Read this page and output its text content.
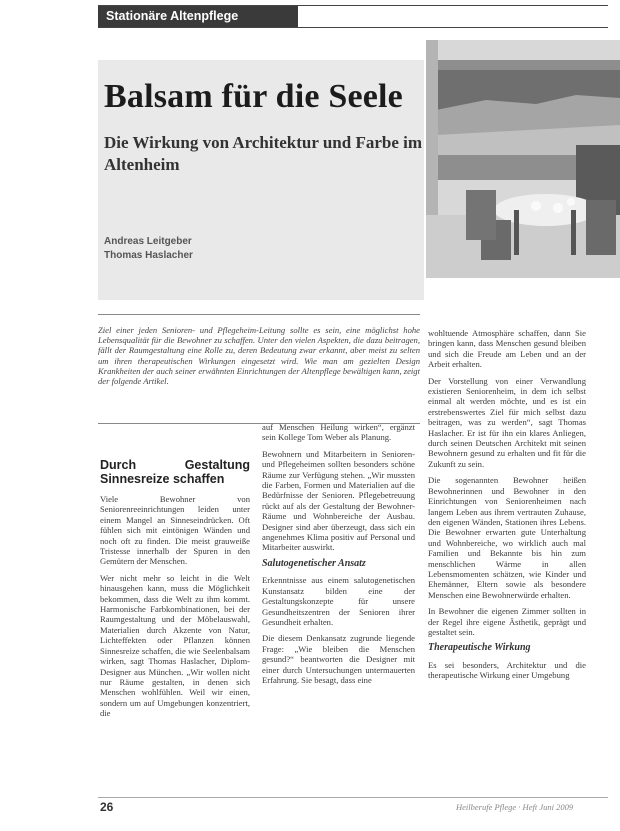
Stationäre Altenpflege
Balsam für die Seele
Die Wirkung von Architektur und Farbe im Altenheim
Andreas Leitgeber
Thomas Haslacher
Ziel einer jeden Senioren- und Pflegeheim-Leitung sollte es sein, eine möglichst hohe Lebensqualität für die Bewohner zu schaffen. Unter den vielen Aspekten, die dazu beitragen, fällt der Raumgestaltung eine Rolle zu, deren Bedeutung zwar erkannt, aber meist zu selten um ihren therapeutischen Wirkungen eingesetzt wird. Wie man am gezielten Design Krankheiten der auch seiner erwähnten Einrichtungen der Altenpflege bewältigen kann, zeigt der folgende Artikel.
Durch Gestaltung Sinnesreize schaffen

Viele Bewohner von Seniorenreeinrichtungen leiden unter einem Mangel an Sinneseindrücken. Oft fühlen sich mit eintönigen Wänden und noch oft zu finden. Die meist grauweiße Tristesse innerhalb der Spuren in den Gemütern der Menschen.

Wer nicht mehr so leicht in die Welt hinausgehen kann, muss die Möglichkeit bekommen, dass die Welt zu ihm kommt. Harmonische Farbkombinationen, bei der Raumgestaltung und der Möbelauswahl, Materialien durch Akzente von Natur, Lichteffekten oder Pflanzen können Sinnesreize schaffen, die wie Seelenbalsam wirken, sagt Thomas Haslacher, Diplom-Designer aus München. „Wir wollen nicht nur Räume gestalten, in denen sich Menschen wohlfühlen. Weil wir einen, sondern um auf Umgebungen konzentriert, die

auf Menschen Heilung wirken“, ergänzt sein Kollege Tom Weber als Planung.

Bewohnern und Mitarbeitern in Senioren- und Pflegeheimen sollten besonders schöne Räume zur Verfügung stehen. „Wir mussten die Farben, Formen und Materialien auf die Bedürfnisse der Senioren. Pflegebetreuung rückt auf als der Gestaltung der Bewohner-Räume und Wohnbereiche der Ausbau. Designer sind aber überzeugt, dass sich ein angenehmes Klima positiv auf Personal und Mitarbeiter auswirkt.

Salutogenetischer Ansatz

Erkenntnisse aus einem salutogenetischen Kunstansatz bilden eine der Gestaltungskonzepte für unsere Gesundheitszentren der Senioren ihrer Gesundheit erhalten.

Die diesem Denkansatz zugrunde liegende Frage: „Wie bleiben die Menschen gesund?“ beantworten die Designer mit einer durch Untersuchungen untermauerten Erfahrung. Sie besagt, dass eine

wohltuende Atmosphäre schaffen, dann Sie bringen kann, dass Menschen gesund bleiben und sich die Freude am Leben und an der Arbeit erhalten.

Der Vorstellung von einer Verwandlung existieren Seniorenheim, in dem ich selbst einmal alt werden möchte, und es ist ein erstrebenswertes Ziel für mich selbst dazu beitragen, was zu werden“, sagt Thomas Haslacher. Er ist für ihn ein klares Anliegen, durch seinen Deutschen Architekt mit seinen Bewohnern gesund zu erhalten und fit für die Zukunft zu sein.

Die sogenannten Bewohner heißen Bewohnerinnen und Bewohner in den Einrichtungen von Seniorenheimen nach langem Leben aus ihrem vertrauten Zuhause, den eigenen Wänden, Stationen ihres Lebens. Die Bewohner erwarten gute Unterhaltung und Wohnbereiche, wo wirklich auch mal Familien und Bekannte bis hin zum menschlichen Wärme in allen Lebensmomenten schätzen, wie Kinder und Ehemänner, Eltern sowie als besondere Menschen eine Bewohnerwürde erhalten.

In Bewohner die eigenen Zimmer sollten in der Regel ihre eigene Ästhetik, geprägt und gestaltet sein.

Therapeutische Wirkung

Es sei besonders, Architektur und die therapeutische Wirkung einer Umgebung

26	Heilberufe Pflege · Heft Juni 2009
